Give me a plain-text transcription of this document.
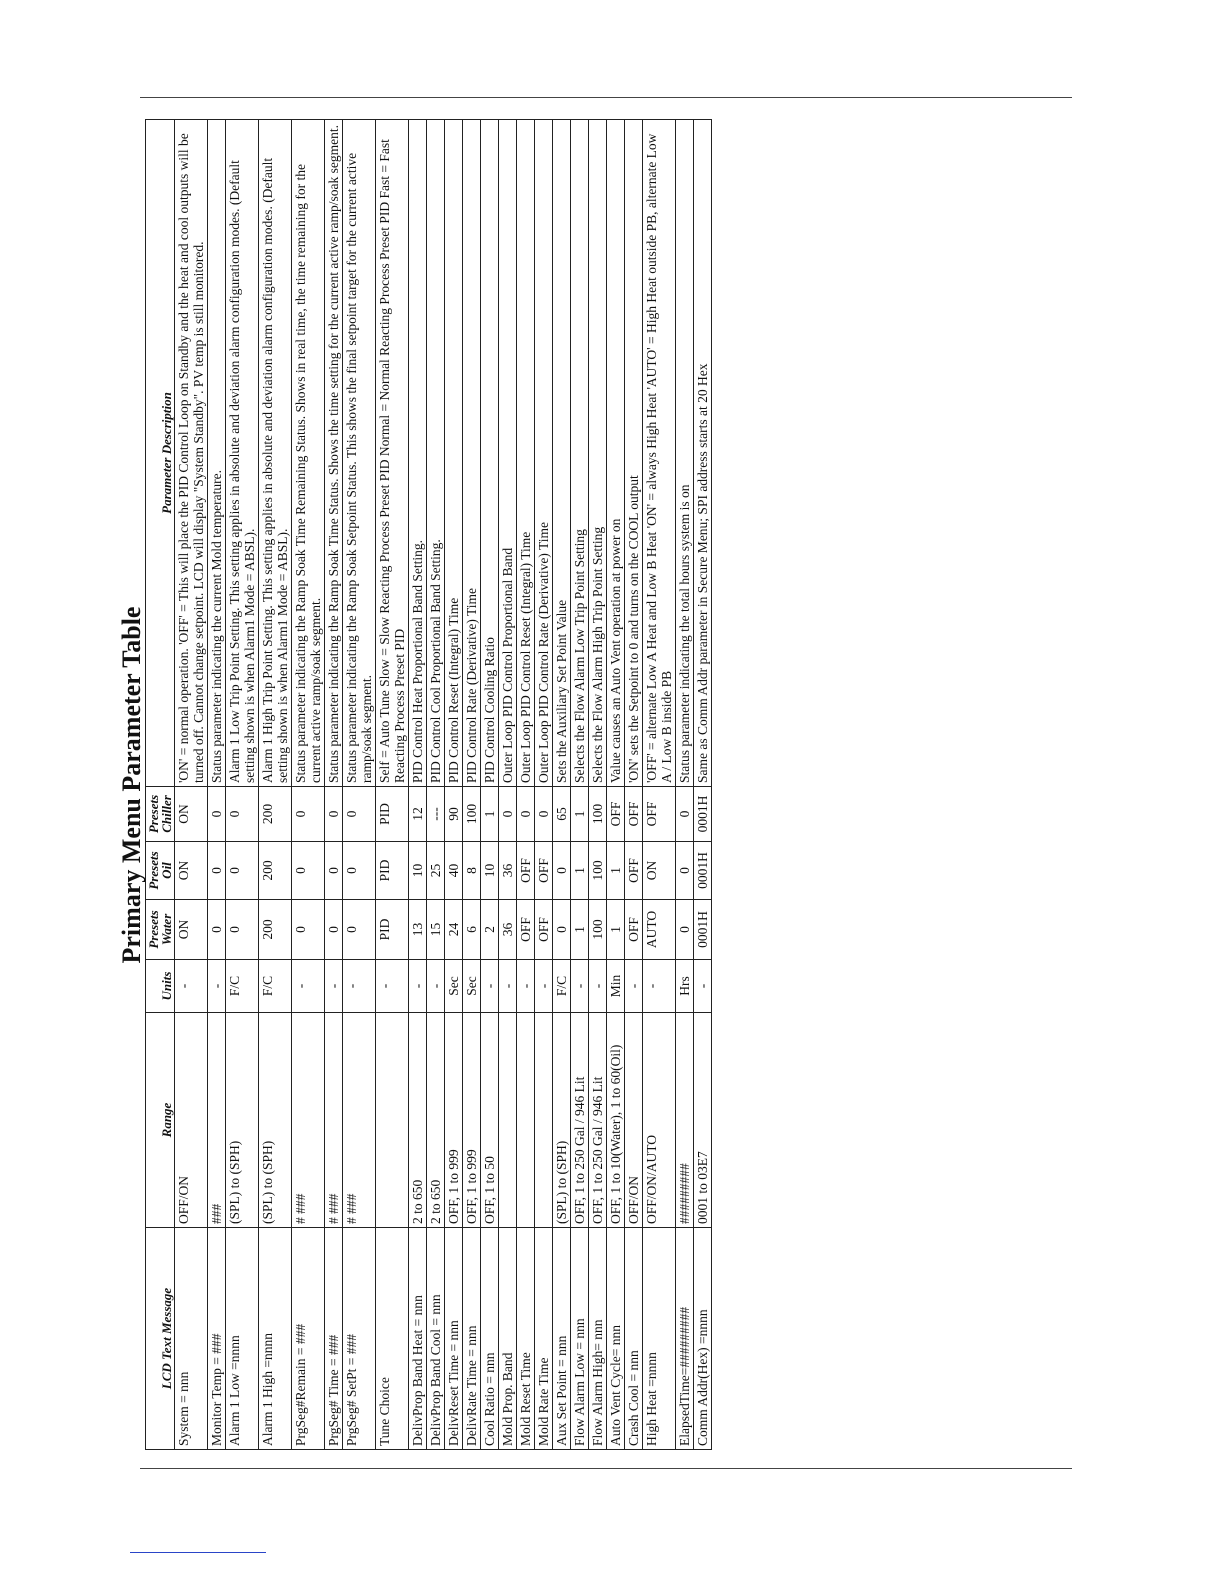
Primary Menu Parameter Table
LCD Text Message	Range	Units	Presets Water	Presets Oil	Presets Chiller	Parameter Description
System = nnn	OFF/ON	-	ON	ON	ON	'ON' = normal operation. 'OFF' = This will place the PID Control Loop on Standby and the heat and cool outputs will be turned off. Cannot change setpoint. LCD will display "System Standby". PV temp is still monitored.
Monitor Temp = ###	###	-	0	0	0	Status parameter indicating the current Mold temperature.
Alarm 1 Low =nnnn	(SPL) to (SPH)	F/C	0	0	0	Alarm 1 Low Trip Point Setting. This setting applies in absolute and deviation alarm configuration modes. (Default setting shown is when Alarm1 Mode = ABSL).
Alarm 1 High =nnnn	(SPL) to (SPH)	F/C	200	200	200	Alarm 1 High Trip Point Setting. This setting applies in absolute and deviation alarm configuration modes. (Default setting shown is when Alarm1 Mode = ABSL).
PrgSeg#Remain = ###	# ###	-	0	0	0	Status parameter indicating the Ramp Soak Time Remaining Status. Shows in real time, the time remaining for the current active ramp/soak segment.
PrgSeg# Time = ###	# ###	-	0	0	0	Status parameter indicating the Ramp Soak Time Status. Shows the time setting for the current active ramp/soak segment.
PrgSeg# SetPt = ###	# ###	-	0	0	0	Status parameter indicating the Ramp Soak Setpoint Status. This shows the final setpoint target for the current active ramp/soak segment.
Tune Choice		-	PID	PID	PID	Self = Auto Tune Slow = Slow Reacting Process Preset PID Normal = Normal Reacting Process Preset PID Fast = Fast Reacting Process Preset PID
DelivProp Band Heat = nnn	2 to 650	-	13	10	12	PID Control Heat Proportional Band Setting.
DelivProp Band Cool = nnn	2 to 650	-	15	25	---	PID Control Cool Proportional Band Setting.
DelivReset Time = nnn	OFF, 1 to 999	Sec	24	40	90	PID Control Reset (Integral) Time
DelivRate Time = nnn	OFF, 1 to 999	Sec	6	8	100	PID Control Rate (Derivative) Time
Cool Ratio = nnn	OFF, 1 to 50	-	2	10	1	PID Control Cooling Ratio
Mold Prop. Band		-	36	36	0	Outer Loop PID Control Proportional Band
Mold Reset Time		-	OFF	OFF	0	Outer Loop PID Control Reset (Integral) Time
Mold Rate Time		-	OFF	OFF	0	Outer Loop PID Control Rate (Derivative) Time
Aux Set Point = nnn	(SPL) to (SPH)	F/C	0	0	65	Sets the Auxiliary Set Point Value
Flow Alarm Low = nnn	OFF, 1 to 250 Gal / 946 Lit	-	1	1	1	Selects the Flow Alarm Low Trip Point Setting
Flow Alarm High= nnn	OFF, 1 to 250 Gal / 946 Lit	-	100	100	100	Selects the Flow Alarm High Trip Point Setting
Auto Vent Cycle= nnn	OFF, 1 to 10(Water), 1 to 60(Oil)	Min	1	1	OFF	Value causes an Auto Vent operation at power on
Crash Cool = nnn	OFF/ON	-	OFF	OFF	OFF	'ON' sets the Setpoint to 0 and turns on the COOL output
High Heat =nnnn	OFF/ON/AUTO	-	AUTO	ON	OFF	'OFF' = alternate Low A Heat and Low B Heat 'ON' = always High Heat 'AUTO' = High Heat outside PB, alternate Low A / Low B inside PB
ElapsedTime=#########	#########	Hrs	0	0	0	Status parameter indicating the total hours system is on
Comm Addr(Hex) =nnnn	0001 to 03E7	-	0001H	0001H	0001H	Same as Comm Addr parameter in Secure Menu; SPI address starts at 20 Hex
